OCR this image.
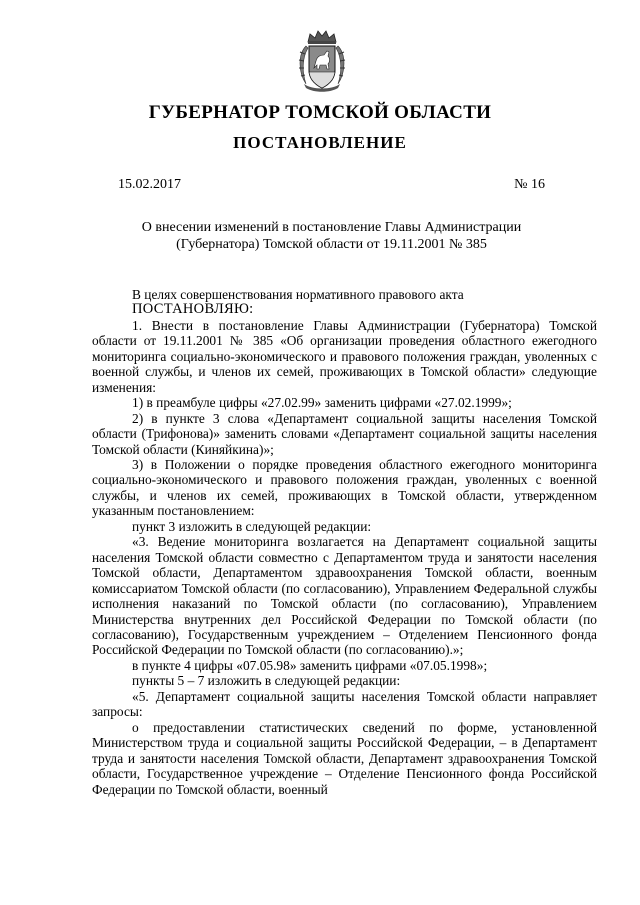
ГУБЕРНАТОР ТОМСКОЙ ОБЛАСТИ
ПОСТАНОВЛЕНИЕ
15.02.2017	№ 16
О внесении изменений в постановление Главы Администрации
(Губернатора) Томской области от 19.11.2001 № 385

В целях совершенствования нормативного правового акта

ПОСТАНОВЛЯЮ:

1. Внести в постановление Главы Администрации (Губернатора) Томской области от 19.11.2001 № 385 «Об организации проведения областного ежегодного мониторинга социально-экономического и правового положения граждан, уволенных с военной службы, и членов их семей, проживающих в Томской области» следующие изменения:

1) в преамбуле цифры «27.02.99» заменить цифрами «27.02.1999»;

2) в пункте 3 слова «Департамент социальной защиты населения Томской области (Трифонова)» заменить словами «Департамент социальной защиты населения Томской области (Киняйкина)»;

3) в Положении о порядке проведения областного ежегодного мониторинга социально-экономического и правового положения граждан, уволенных с военной службы, и членов их семей, проживающих в Томской области, утвержденном указанным постановлением:

пункт 3 изложить в следующей редакции:

«3. Ведение мониторинга возлагается на Департамент социальной защиты населения Томской области совместно с Департаментом труда и занятости населения Томской области, Департаментом здравоохранения Томской области, военным комиссариатом Томской области (по согласованию), Управлением Федеральной службы исполнения наказаний по Томской области (по согласованию), Управлением Министерства внутренних дел Российской Федерации по Томской области (по согласованию), Государственным учреждением – Отделением Пенсионного фонда Российской Федерации по Томской области (по согласованию).»;

в пункте 4 цифры «07.05.98» заменить цифрами «07.05.1998»;

пункты 5 – 7 изложить в следующей редакции:

«5. Департамент социальной защиты населения Томской области направляет запросы:

о предоставлении статистических сведений по форме, установленной Министерством труда и социальной защиты Российской Федерации, – в Департамент труда и занятости населения Томской области, Департамент здравоохранения Томской области, Государственное учреждение – Отделение Пенсионного фонда Российской Федерации по Томской области, военный
